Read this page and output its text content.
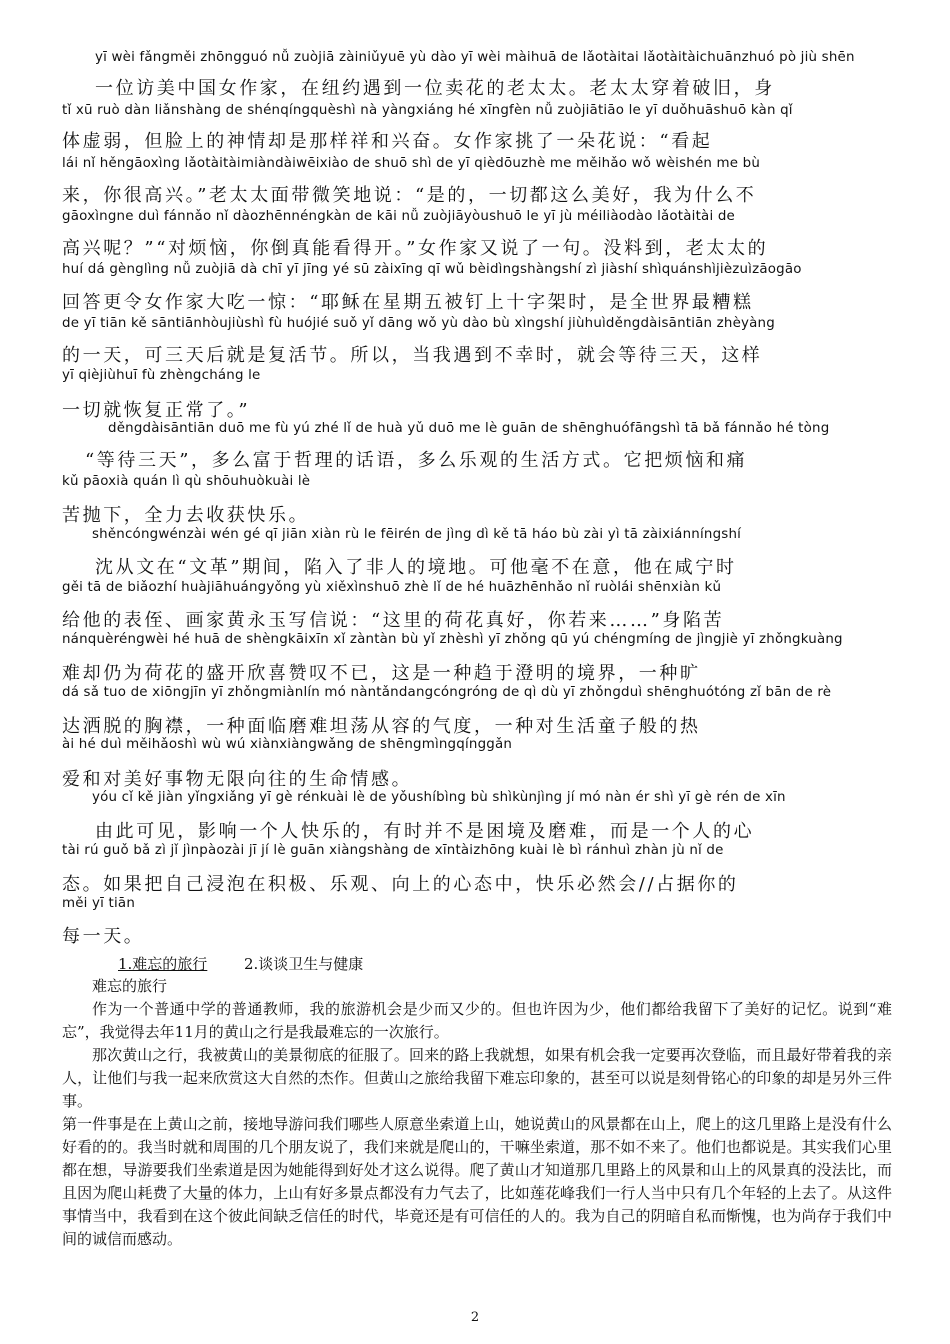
yī wèi fǎngměi zhōngguó nǚ zuòjiā zàiniǔyuē yù dào yī wèi màihuā de lǎotàitai lǎotàitàichuānzhuó pò jiù shēn
一位访美中国女作家，在纽约遇到一位卖花的老太太。老太太穿着破旧，身
tǐ xū ruò dàn liǎnshàng de shénqíngquèshì nà yàngxiáng hé xīngfèn nǚ zuòjiātiāo le yī duǒhuāshuō kàn qǐ
体虚弱，但脸上的神情却是那样祥和兴奋。女作家挑了一朵花说：“看起
lái nǐ hěngāoxìng lǎotàitàimiàndàiwēixiào de shuō shì de yī qièdōuzhè me měihǎo wǒ wèishén me bù
来，你很高兴。”老太太面带微笑地说：“是的，一切都这么美好，我为什么不
gāoxìngne duì fánnǎo nǐ dàozhēnnéngkàn de kāi nǚ zuòjiāyòushuō le yī jù méiliàodào lǎotàitài de
高兴呢？”“对烦恼，你倒真能看得开。”女作家又说了一句。没料到，老太太的
huí dá gènglìng nǚ zuòjiā dà chī yī jīng yé sū zàixīng qī wǔ bèidìngshàngshí zì jiàshí shìquánshìjièzuìzāogāo
回答更令女作家大吃一惊：“耶稣在星期五被钉上十字架时，是全世界最糟糕
de yī tiān kě sāntiānhòujiùshì fù huójié suǒ yǐ dāng wǒ yù dào bù xìngshí jiùhuìděngdàisāntiān zhèyàng
的一天，可三天后就是复活节。所以，当我遇到不幸时，就会等待三天，这样
yī qièjiùhuī fù zhèngcháng le
一切就恢复正常了。”
děngdàisāntiān duō me fù yú zhé lǐ de huà yǔ duō me lè guān de shēnghuófāngshì tā bǎ fánnǎo hé tòng
“等待三天”，多么富于哲理的话语，多么乐观的生活方式。它把烦恼和痛
kǔ pāoxià quán lì qù shōuhuòkuài lè
苦抛下，全力去收获快乐。
shěncóngwénzài wén gé qī jiān xiàn rù le fēirén de jìng dì kě tā háo bù zài yì tā zàixiánníngshí
沈从文在“文革”期间，陷入了非人的境地。可他毫不在意，他在咸宁时
gěi tā de biǎozhí huàjiāhuángyǒng yù xiěxìnshuō zhè lǐ de hé huāzhēnhǎo nǐ ruòlái shēnxiàn kǔ
给他的表侄、画家黄永玉写信说：“这里的荷花真好，你若来……”身陷苦
nánquèréngwèi hé huā de shèngkāixīn xǐ zàntàn bù yǐ zhèshì yī zhǒng qū yú chéngmíng de jìngjiè yī zhǒngkuàng
难却仍为荷花的盛开欣喜赞叹不已，这是一种趋于澄明的境界，一种旷
dá sǎ tuo de xiōngjīn yī zhǒngmiànlín mó nàntǎndangcóngróng de qì dù yī zhǒngduì shēnghuótóng zǐ bān de rè
达洒脱的胸襟，一种面临磨难坦荡从容的气度，一种对生活童子般的热
ài hé duì měihǎoshì wù wú xiànxiàngwǎng de shēngmìngqínggǎn
爱和对美好事物无限向往的生命情感。
yóu cǐ kě jiàn yǐngxiǎng yī gè rénkuài lè de yǒushíbìng bù shìkùnjìng jí mó nàn ér shì yī gè rén de xīn
由此可见，影响一个人快乐的，有时并不是困境及磨难，而是一个人的心
tài rú guǒ bǎ zì jǐ jìnpàozài jī jí lè guān xiàngshàng de xīntàizhōng kuài lè bì ránhuì zhàn jù nǐ de
态。如果把自己浸泡在积极、乐观、向上的心态中，快乐必然会//占据你的
měi yī tiān
每一天。
1.难忘的旅行 2.谈谈卫生与健康

难忘的旅行

作为一个普通中学的普通教师，我的旅游机会是少而又少的。但也许因为少，他们都给我留下了美好的记忆。说到“难忘”，我觉得去年11月的黄山之行是我最难忘的一次旅行。

那次黄山之行，我被黄山的美景彻底的征服了。回来的路上我就想，如果有机会我一定要再次登临，而且最好带着我的亲人，让他们与我一起来欣赏这大自然的杰作。但黄山之旅给我留下难忘印象的，甚至可以说是刻骨铭心的印象的却是另外三件事。

第一件事是在上黄山之前，接地导游问我们哪些人原意坐索道上山，她说黄山的风景都在山上，爬上的这几里路上是没有什么好看的的。我当时就和周围的几个朋友说了，我们来就是爬山的，干嘛坐索道，那不如不来了。他们也都说是。其实我们心里都在想，导游要我们坐索道是因为她能得到好处才这么说得。爬了黄山才知道那几里路上的风景和山上的风景真的没法比，而且因为爬山耗费了大量的体力，上山有好多景点都没有力气去了，比如莲花峰我们一行人当中只有几个年轻的上去了。从这件事情当中，我看到在这个彼此间缺乏信任的时代，毕竟还是有可信任的人的。我为自己的阴暗自私而惭愧，也为尚存于我们中间的诚信而感动。

2
